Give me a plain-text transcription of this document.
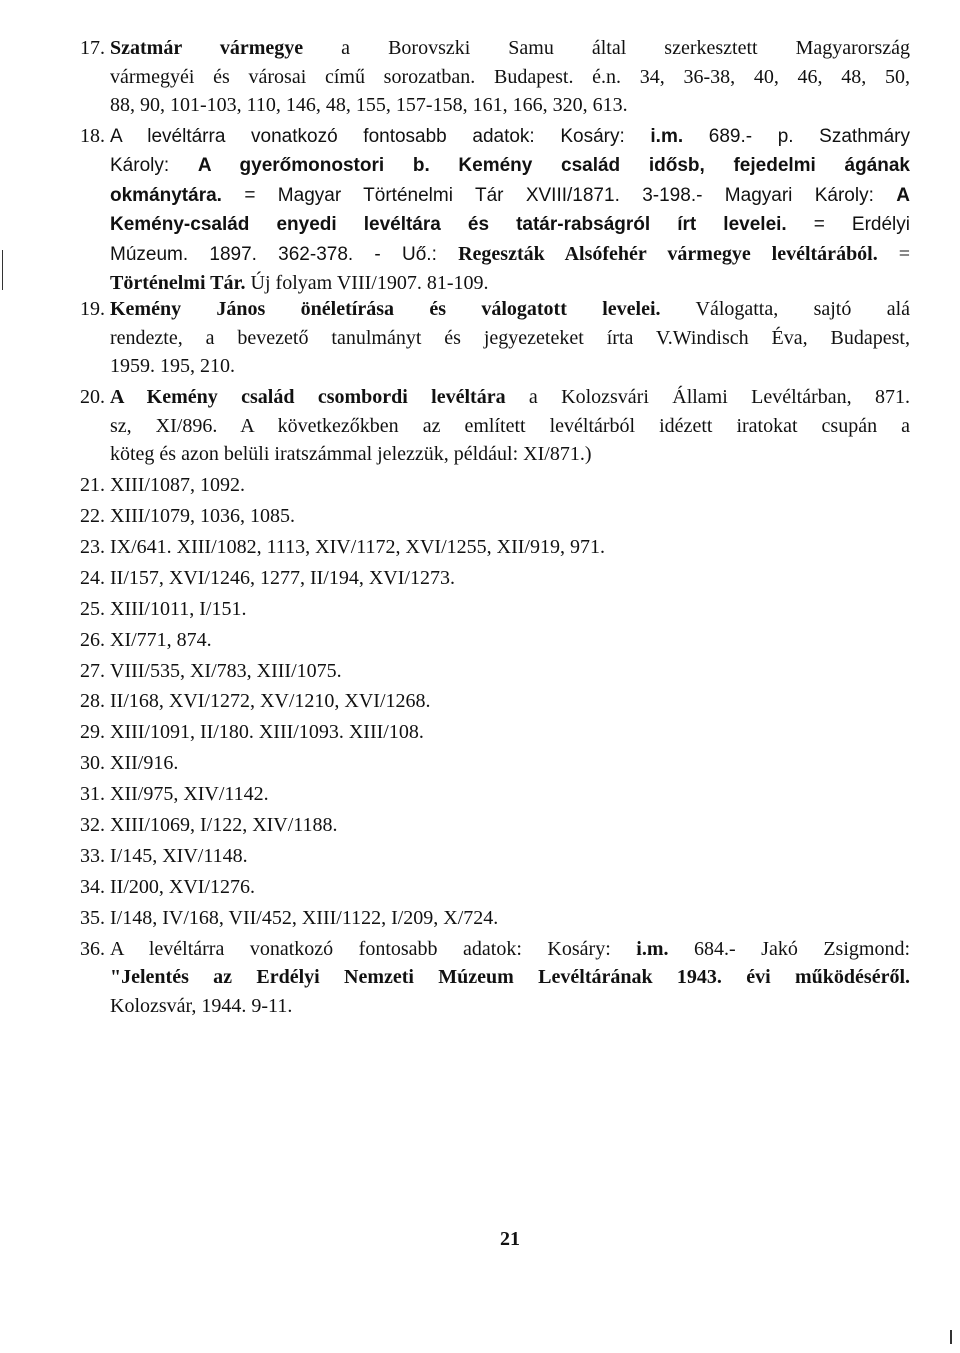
17. Szatmár vármegye a Borovszki Samu által szerkesztett Magyarország
vármegyéi és városai című sorozatban. Budapest. é.n. 34, 36-38, 40, 46, 48, 50,
88, 90, 101-103, 110, 146, 48, 155, 157-158, 161, 166, 320, 613.
18. A levéltárra vonatkozó fontosabb adatok: Kosáry: i.m. 689.- p. Szathmáry
Károly: A gyerőmonostori b. Kemény család idősb, fejedelmi ágának
okmánytára. = Magyar Történelmi Tár XVIII/1871. 3-198.- Magyari Károly: A
Kemény-család enyedi levéltára és tatár-rabságról írt levelei. = Erdélyi
Múzeum. 1897. 362-378. - Uő.: Regeszták Alsófehér vármegye levéltárából. =
Történelmi Tár. Új folyam VIII/1907. 81-109.
19. Kemény János önéletírása és válogatott levelei. Válogatta, sajtó alá
rendezte, a bevezető tanulmányt és jegyezeteket írta V.Windisch Éva, Budapest,
1959. 195, 210.
20. A Kemény család csombordi levéltára a Kolozsvári Állami Levéltárban, 871.
sz, XI/896. A következőkben az említett levéltárból idézett iratokat csupán a
köteg és azon belüli iratszámmal jelezzük, például: XI/871.)
21. XIII/1087, 1092.
22. XIII/1079, 1036, 1085.
23. IX/641. XIII/1082, 1113, XIV/1172, XVI/1255, XII/919, 971.
24. II/157, XVI/1246, 1277, II/194, XVI/1273.
25. XIII/1011, I/151.
26. XI/771, 874.
27. VIII/535, XI/783, XIII/1075.
28. II/168, XVI/1272, XV/1210, XVI/1268.
29. XIII/1091, II/180. XIII/1093. XIII/108.
30. XII/916.
31. XII/975, XIV/1142.
32. XIII/1069, I/122, XIV/1188.
33. I/145, XIV/1148.
34. II/200, XVI/1276.
35. I/148, IV/168, VII/452, XIII/1122, I/209, X/724.
36. A levéltárra vonatkozó fontosabb adatok: Kosáry: i.m. 684.- Jakó Zsigmond:
"Jelentés az Erdélyi Nemzeti Múzeum Levéltárának 1943. évi működéséről.
Kolozsvár, 1944. 9-11.
21
